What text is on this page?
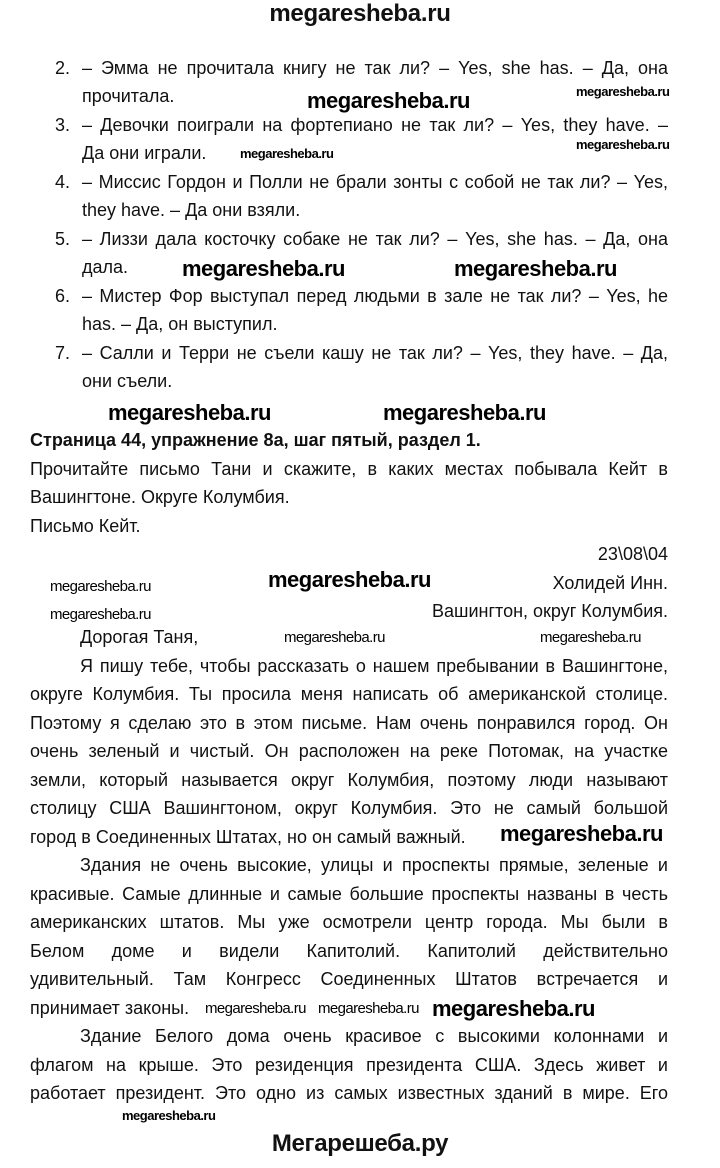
megaresheba.ru
2. – Эмма не прочитала книгу не так ли? – Yes, she has. – Да, она
прочитала.
3. – Девочки поиграли на фортепиано не так ли? – Yes, they have. –
Да они играли.
4. – Миссис Гордон и Полли не брали зонты с собой не так ли? – Yes,
they have. – Да они взяли.
5. – Лиззи дала косточку собаке не так ли? – Yes, she has. – Да, она
дала.
6. – Мистер Фор выступал перед людьми в зале не так ли? – Yes, he
has. – Да, он выступил.
7. – Салли и Терри не съели кашу не так ли? – Yes, they have. – Да,
они съели.
Страница 44, упражнение 8а, шаг пятый, раздел 1.
Прочитайте письмо Тани и скажите, в каких местах побывала Кейт в
Вашингтоне. Округе Колумбия.
Письмо Кейт.
23\08\04
Холидей Инн.
Вашингтон, округ Колумбия.
Дорогая Таня,
Я пишу тебе, чтобы рассказать о нашем пребывании в Вашингтоне,
округе Колумбия. Ты просила меня написать об американской столице.
Поэтому я сделаю это в этом письме. Нам очень понравился город. Он
очень зеленый и чистый. Он расположен на реке Потомак, на участке
земли, который называется округ Колумбия, поэтому люди называют
столицу США Вашингтоном, округ Колумбия. Это не самый большой
город в Соединенных Штатах, но он самый важный.
Здания не очень высокие, улицы и проспекты прямые, зеленые и
красивые. Самые длинные и самые большие проспекты названы в честь
американских штатов. Мы уже осмотрели центр города. Мы были в
Белом доме и видели Капитолий. Капитолий действительно
удивительный. Там Конгресс Соединенных Штатов встречается и
принимает законы.
Здание Белого дома очень красивое с высокими колоннами и
флагом на крыше. Это резиденция президента США. Здесь живет и
работает президент. Это одно из самых известных зданий в мире. Его
megaresheba.ru	megaresheba.ru
megaresheba.ru
megaresheba.ru
megaresheba.ru	megaresheba.ru
megaresheba.ru	megaresheba.ru
megaresheba.ru
megaresheba.ru
megaresheba.ru
megaresheba.ru
megaresheba.ru
megaresheba.ru
megaresheba.ru
megaresheba.ru	megaresheba.ru
megaresheba.ru
Мегарешеба.ру
